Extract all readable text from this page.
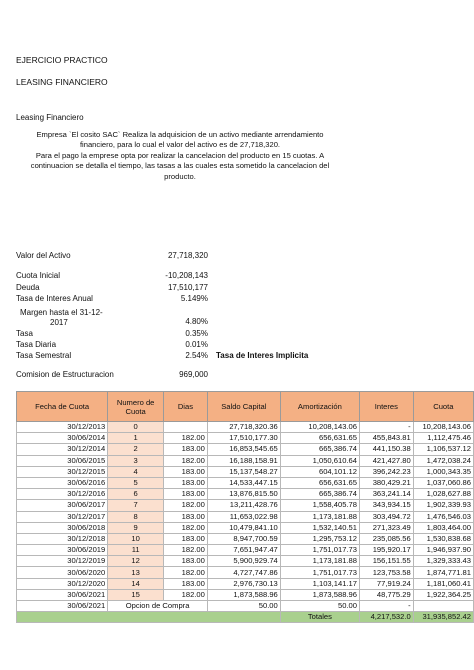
EJERCICIO PRACTICO
LEASING FINANCIERO
Leasing Financiero
Empresa `El cosito SAC` Realiza la adquisicion de un activo mediante arrendamiento
financiero, para lo cual el valor del activo es de 27,718,320.
Para el pago la emprese opta por realizar la cancelacion del producto en 15 cuotas. A
continuacion se detalla el tiempo, las tasas a las cuales esta sometido la cancelacion del
producto.
Valor del Activo	27,718,320
Cuota Inicial	-10,208,143
Deuda	17,510,177
Tasa de Interes Anual	5.149%
Margen hasta el 31-12-
2017	4.80%
Tasa	0.35%
Tasa Diaria	0.01%
Tasa Semestral	2.54% Tasa de Interes Implicita
Comision de Estructuracion	969,000
Fecha de Cuota	Numero de Cuota	Dias	Saldo Capital	Amortización	Interes	Cuota
30/12/2013	0		27,718,320.36	10,208,143.06	-	10,208,143.06
30/06/2014	1	182.00	17,510,177.30	656,631.65	455,843.81	1,112,475.46
30/12/2014	2	183.00	16,853,545.65	665,386.74	441,150.38	1,106,537.12
30/06/2015	3	182.00	16,188,158.91	1,050,610.64	421,427.80	1,472,038.24
30/12/2015	4	183.00	15,137,548.27	604,101.12	396,242.23	1,000,343.35
30/06/2016	5	183.00	14,533,447.15	656,631.65	380,429.21	1,037,060.86
30/12/2016	6	183.00	13,876,815.50	665,386.74	363,241.14	1,028,627.88
30/06/2017	7	182.00	13,211,428.76	1,558,405.78	343,934.15	1,902,339.93
30/12/2017	8	183.00	11,653,022.98	1,173,181.88	303,494.72	1,476,546.03
30/06/2018	9	182.00	10,479,841.10	1,532,140.51	271,323.49	1,803,464.00
30/12/2018	10	183.00	8,947,700.59	1,295,753.12	235,085.56	1,530,838.68
30/06/2019	11	182.00	7,651,947.47	1,751,017.73	195,920.17	1,946,937.90
30/12/2019	12	183.00	5,900,929.74	1,173,181.88	156,151.55	1,329,333.43
30/06/2020	13	182.00	4,727,747.86	1,751,017.73	123,753.58	1,874,771.81
30/12/2020	14	183.00	2,976,730.13	1,103,141.17	77,919.24	1,181,060.41
30/06/2021	15	182.00	1,873,588.96	1,873,588.96	48,775.29	1,922,364.25
30/06/2021	Opcion de Compra		50.00	50.00	-	
				Totales	4,217,532.0	31,935,852.42
